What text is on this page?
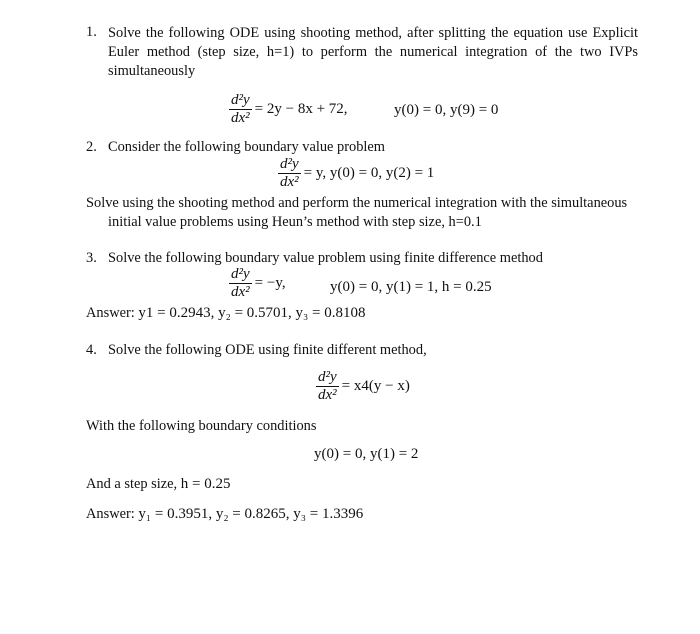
1. Solve the following ODE using shooting method, after splitting the equation use Explicit Euler method (step size, h=1) to perform the numerical integration of the two IVPs simultaneously
$\frac{\text{d²y}}{\text{dx²}} = 2y - 8x + 72$,	y(0) = 0, y(9) = 0
2. Consider the following boundary value problem
$\frac{\text{d²y}}{\text{dx²}} = y$, y(0) = 0, y(2) = 1
Solve using the shooting method and perform the numerical integration with the simultaneous initial value problems using Heun’s method with step size, h=0.1
3. Solve the following boundary value problem using finite difference method
$\frac{\text{d²y}}{\text{dx²}} = -y$,	y(0) = 0, y(1) = 1, h = 0.25
Answer: y1 = 0.2943, y₂ = 0.5701, y₃ = 0.8108
4. Solve the following ODE using finite different method,
$\frac{\text{d²y}}{\text{dx²}} = x4(y - x)$
With the following boundary conditions
y(0) = 0, y(1) = 2
And a step size, h = 0.25
Answer: y₁ = 0.3951, y₂ = 0.8265, y₃ = 1.3396
